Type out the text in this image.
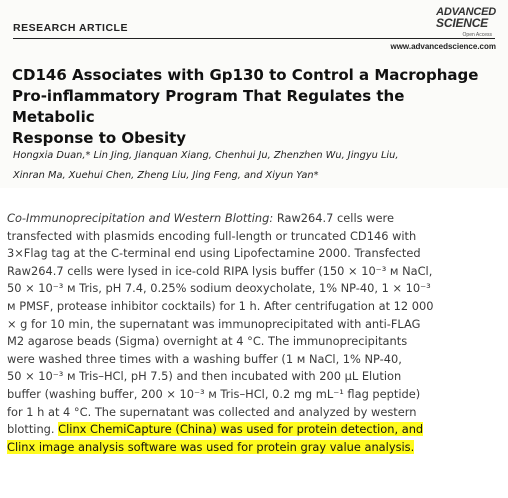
RESEARCH ARTICLE
ADVANCED
SCIENCE
Open Access
www.advancedscience.com
CD146 Associates with Gp130 to Control a Macrophage
Pro-inflammatory Program That Regulates the Metabolic
Response to Obesity
Hongxia Duan,* Lin Jing, Jianquan Xiang, Chenhui Ju, Zhenzhen Wu, Jingyu Liu,
Xinran Ma, Xuehui Chen, Zheng Liu, Jing Feng, and Xiyun Yan*
Co-Immunoprecipitation and Western Blotting: Raw264.7 cells were
transfected with plasmids encoding full-length or truncated CD146 with
3×Flag tag at the C-terminal end using Lipofectamine 2000. Transfected
Raw264.7 cells were lysed in ice-cold RIPA lysis buffer (150 × 10⁻³ м NaCl,
50 × 10⁻³ м Tris, pH 7.4, 0.25% sodium deoxycholate, 1% NP-40, 1 × 10⁻³
м PMSF, protease inhibitor cocktails) for 1 h. After centrifugation at 12 000
× g for 10 min, the supernatant was immunoprecipitated with anti-FLAG
M2 agarose beads (Sigma) overnight at 4 °C. The immunoprecipitants
were washed three times with a washing buffer (1 м NaCl, 1% NP-40,
50 × 10⁻³ м Tris–HCl, pH 7.5) and then incubated with 200 µL Elution
buffer (washing buffer, 200 × 10⁻³ м Tris–HCl, 0.2 mg mL⁻¹ flag peptide)
for 1 h at 4 °C. The supernatant was collected and analyzed by western
blotting. Clinx ChemiCapture (China) was used for protein detection, and
Clinx image analysis software was used for protein gray value analysis.
